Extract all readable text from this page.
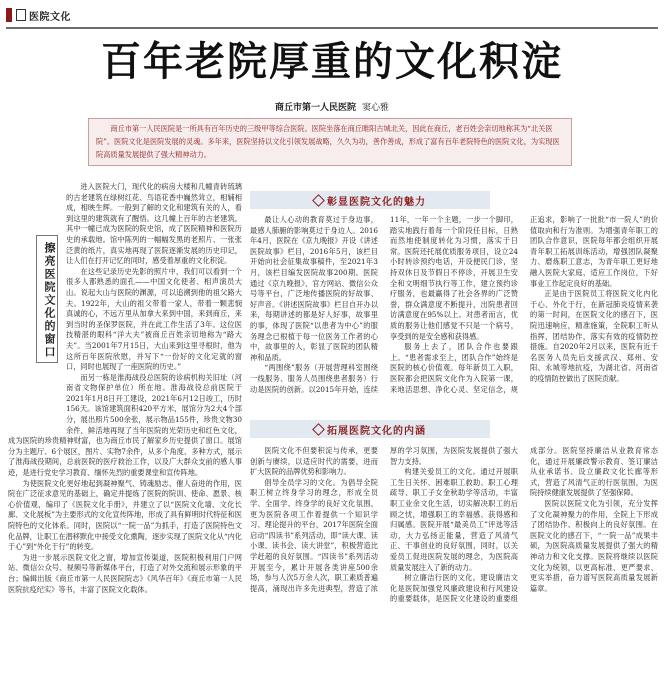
医院文化
百年老院厚重的文化积淀
商丘市第一人民医院 窦心雅
商丘市第一人民医院是一所具有百年历史的三级甲等综合医院。医院坐落在商丘睢阳古城北关，因此在商丘，老百姓会亲切地称其为“北关医院”。医院文化是医院发展的灵魂。多年来，医院坚持以文化引领发展战略，久久为功，善作善成，形成了富有百年老院特色的医院文化，为实现医院高质量发展提供了强大精神动力。

进入医院大门，现代化的病房大楼和几幢青砖琉璃的古老建筑在绿树红花、鸟语花香中巍然耸立，相辅相成，相映生辉。一般到了解的文化和建筑有关的人，看到这里的建筑就有了醒悟。这几幢上百年的古老建筑，其中一幢已成为医院的院史馆，成了医院精神和医院历史的承载地。馆中陈列的一幅幅发黑的老照片、一张张泛黄的纸片，真实地再现了医院逐渐发展的历史印记，让人们在打开记忆的同时，感受着厚重的文化积淀。

在这些记录历史先影的照片中，我们可以看到一个很多人都熟悉的面孔——中国文化使者、相声演员大山。说起大山与医院的渊源，可以追溯到他的祖父路大夫。1922年，大山的祖父带着一家人，带着一颗悲悯真诚的心，不远万里从加拿大来到中国，来到商丘，来到当时的圣保罗医院，并在此工作生活了3年。这位医技精湛的眼科“洋大夫”被商丘百姓亲切地称为“路大夫”。当2001年7月15日，大山来到这里寻根时，他为这所百年医院欣慰，并写下“一份好的文化定就的窗口，同时也展现了一座医院的历史。”

而另一栋是淮海战役总医院的诊病机构关旧址（河南省文物保护单位）所在地。淮海战役总前医院于2021年1月8日开工建设，2021年6月12日竣工，历时156天。该馆建筑面积420平方米，展馆分为2大4个部分，展出照片500余张，展示物品155件，珍贵文物30余件，鲜活地再现了当年医院的光荣历史和红色文化，成为医院的珍贵精神财富，也为商丘市民了解家乡历史提供了窗口。展馆分为主题厅、6个展区，图片、实物7余件，从多个角度、多种方式，展示了淮海战役期间，总前医院的医疗救治工作，以及广大群众支前的感人事迹，是进行党史学习教育、缅怀先烈的重要课堂和宣传阵地。

为使医院文化更好地起到凝神聚气、铸魂励志、催人奋进的作用，医院在广泛征求意见的基础上，确定并提炼了医院的院训、使命、愿景、核心价值观，编印了《医院文化手册》，并建立了以“医院文化墙、文化长廊、文化展板”为主要形式的文化宣传阵地，形成了具有鲜明时代特征和医院特色的文化体系。同时，医院以“一院一品”为抓手，打造了医院特色文化品牌，让职工在潜移默化中接受文化熏陶，逐步实现了医院文化从“内化于心”到“外化于行”的转变。

为进一步展示医院文化之窗，增加宣传渠道，医院积极利用门户网站、微信公众号、视频号等新媒体平台，打造了对外交流和展示形象的平台；编辑出版《商丘市第一人民医院院志》《风华百年》《商丘市第一人民医院抗疫纪实》等书，丰富了医院文化载体。

擦亮医院文化的窗口
彰显医院文化的魅力

最让人心动的教育莫过于身边事，最感人肺腑的影响莫过于身边人。2016年4月，医院在《京九晚报》开设《讲述医院故事》栏目，2016年5月，该栏目开始向社会征集故事稿件，至2021年3月，该栏目编发医院故事200期。医院通过《京九晚报》、官方网站、微信公众号等平台，广泛地传播医院的好故事、好声音。《讲述医院故事》栏目自开办以来，每期讲述的都是好人好事，故事里的事，体现了医院“以患者为中心”的服务理念已根植于每一位医务工作者的心中，故事里的人，彰显了医院的团队精神和品质。

“两围绕”服务（开展营理科室围绕一线服务、服务人员围绕患者服务）行动是医院的创新。以2015年开始，连续11年，一年一个主题，一步一个脚印，踏实地践行着每一个阶段任目标，日熟而然地使制度转化为习惯，落实于日常。医院还托展优质服务项目，设立24小时转诊预约电话，开设便民门诊，坚持双休日及节假日不停诊，开展卫生安全和文明细节执行等工作，建立预约诊疗服务，也最赢得了社会各界的广泛赞誉，群众满意度不断提升，出院患者回访满意度在95%以上。对患者而言，优质的服务让他们感觉不只是一个病号，享受到的是安全感和获得感。

服务上去了，团队合作也要跟上。“患者需求至上，团队合作”始终是医院的核心价值观。每年新员工入职，医院都会把医院文化作为入院第一课，来地活思想、净化心灵、坚定信念，规正追求，影响了一批批“市一院人”的价值取向和行为准则。为增强青年职工的团队合作意识，医院每年都会组织开展青年职工拓展训练活动，增强团队凝聚力、磨炼职工意志，为青年职工更好地融入医院大家庭、适应工作岗位，下好事业工作起定良好的基础。

正是由于医院员工将医院文化内化于心、外化于行，在新冠肺炎疫情来袭的第一时间，在医院文化的感召下，医院迅速响应，精准施策，全院职工听从指挥，团结协作，落实有效的疫情防控措施。自2020年2月以来，医院有近千名医务人员先后支援武汉、郑州、安阳、永城等地抗疫，为湖北省、河南省的疫情防控做出了医院贡献。

拓展医院文化的内涵

医院文化不但要积淀与传承，更要创新与赓续，以适应时代的需要，进而扩大医院的品牌优势和影响力。

倡导全员学习的文化。为倡导全院职工树立终身学习的理念，形成全员学、全面学、终身学的良好文化氛围，更为医院各项工作着提供一个知识学习、理论提升的平台，2017年医院全面启动“四读书”系列活动，即“读大课、读小课、读书会、读大讲堂”，积极营造比学赶超的良好氛围。“四读书”系列活动开展至今，累计开展各类讲座500余场，参与人次5万余人次，职工素质普遍提高，涌现出许多先进典型，营造了浓厚的学习氛围，为医院发展提供了强大智力支持。

构建关爱员工的文化。通过开展职工生日关怀、困难职工救助、职工心理疏导、职工子女金秋助学等活动，丰富职工业余文化生活，切实解决职工的后顾之忧，增强职工的幸福感、获得感和归属感。医院开展“最美员工”评选等活动，大力弘扬正能量，营造了风清气正、干事创业的良好氛围，同时，以关爱员工促进医院发展的理念，为医院高质量发展注入了新的动力。

树立廉洁行医的文化。建设廉洁文化是医院加强党风廉政建设和行风建设的重要载体，是医院文化建设的重要组成部分。医院坚持廉洁从业教育常态化，通过开展廉政警示教育、签订廉洁从业承诺书、设立廉政文化长廊等形式，营造了风清气正的行医氛围，为医院持续健康发展提供了坚强保障。

医院以医院文化为引领，充分发挥了文化凝神聚力的作用，全院上下形成了团结协作、积极向上的良好氛围。在医院文化的感召下，“一院一品”成果丰硕，为医院高质量发展提供了强大的精神动力和文化支撑。医院将继续以医院文化为统领，以更高标准、更严要求、更实举措，奋力谱写医院高质量发展新篇章。
